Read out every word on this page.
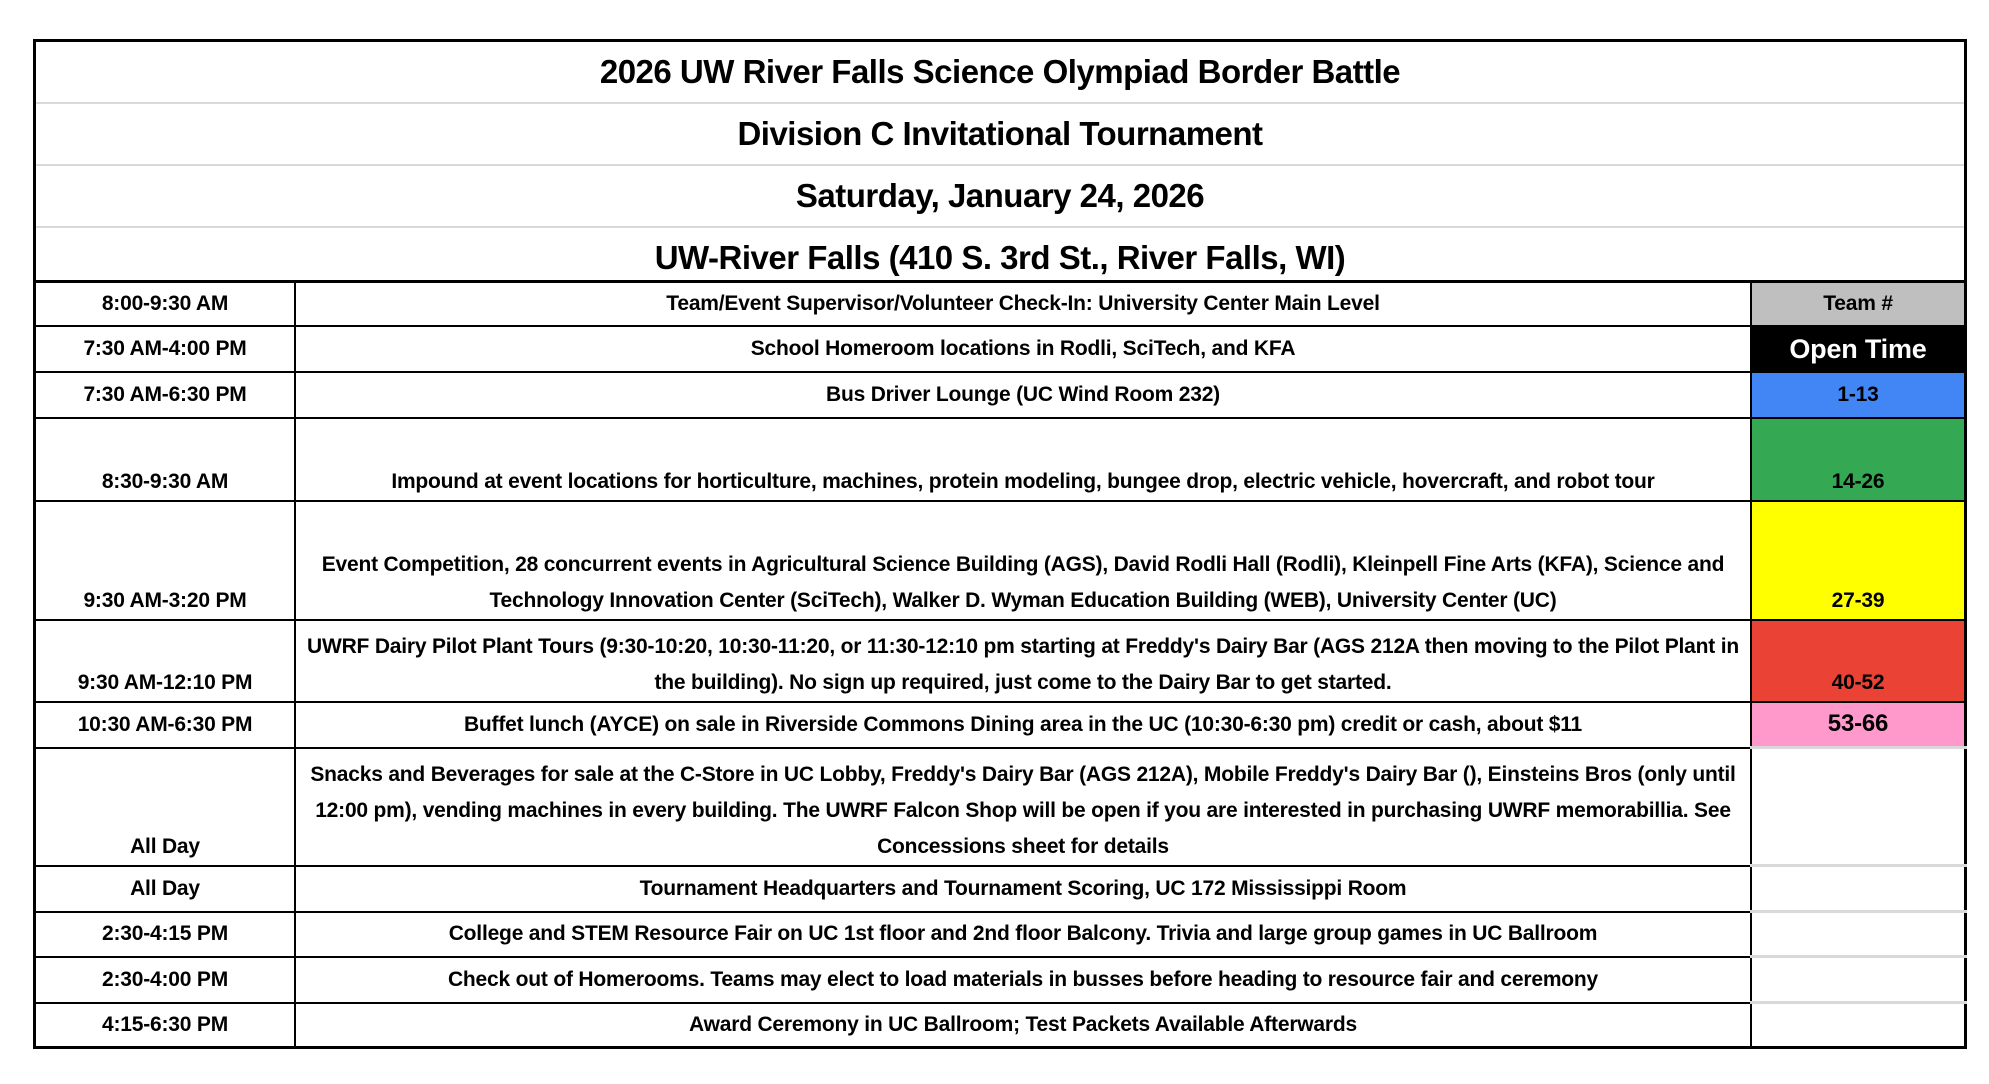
2026 UW River Falls Science Olympiad Border Battle
Division C Invitational Tournament
Saturday, January 24, 2026
UW-River Falls (410 S. 3rd St., River Falls, WI)
8:00-9:30 AM	Team/Event Supervisor/Volunteer Check-In: University Center Main Level	Team #
7:30 AM-4:00 PM	School Homeroom locations in Rodli, SciTech, and KFA	Open Time
7:30 AM-6:30 PM	Bus Driver Lounge (UC Wind Room 232)	1-13
8:30-9:30 AM	Impound at event locations for horticulture, machines, protein modeling, bungee drop, electric vehicle, hovercraft, and robot tour	14-26
9:30 AM-3:20 PM	Event Competition, 28 concurrent events in Agricultural Science Building (AGS), David Rodli Hall (Rodli), Kleinpell Fine Arts (KFA), Science and Technology Innovation Center (SciTech), Walker D. Wyman Education Building (WEB), University Center (UC)	27-39
9:30 AM-12:10 PM	UWRF Dairy Pilot Plant Tours (9:30-10:20, 10:30-11:20, or 11:30-12:10 pm starting at Freddy's Dairy Bar (AGS 212A then moving to the Pilot Plant in the building). No sign up required, just come to the Dairy Bar to get started.	40-52
10:30 AM-6:30 PM	Buffet lunch (AYCE) on sale in Riverside Commons Dining area in the UC (10:30-6:30 pm) credit or cash, about $11	53-66
All Day	Snacks and Beverages for sale at the C-Store in UC Lobby, Freddy's Dairy Bar (AGS 212A), Mobile Freddy's Dairy Bar (), Einsteins Bros (only until 12:00 pm), vending machines in every building. The UWRF Falcon Shop will be open if you are interested in purchasing UWRF memorabillia. See Concessions sheet for details	
All Day	Tournament Headquarters and Tournament Scoring, UC 172 Mississippi Room	
2:30-4:15 PM	College and STEM Resource Fair on UC 1st floor and 2nd floor Balcony. Trivia and large group games in UC Ballroom	
2:30-4:00 PM	Check out of Homerooms. Teams may elect to load materials in busses before heading to resource fair and ceremony	
4:15-6:30 PM	Award Ceremony in UC Ballroom; Test Packets Available Afterwards	
